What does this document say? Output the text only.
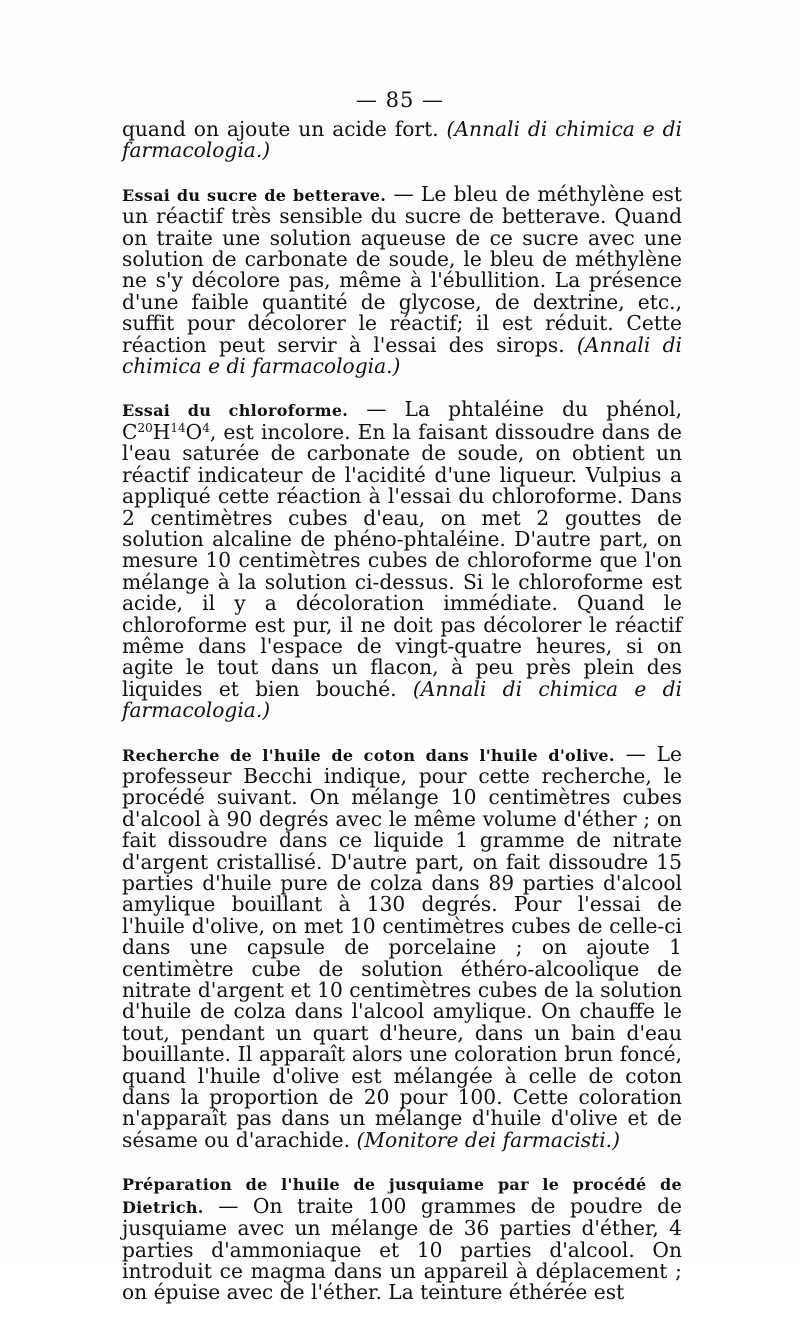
— 85 —

quand on ajoute un acide fort. (Annali di chimica e di farmacologia.)

Essai du sucre de betterave. — Le bleu de méthylène est un réactif très sensible du sucre de betterave. Quand on traite une solution aqueuse de ce sucre avec une solution de carbonate de soude, le bleu de méthylène ne s'y décolore pas, même à l'ébullition. La présence d'une faible quantité de glycose, de dextrine, etc., suffit pour décolorer le réactif; il est réduit. Cette réaction peut servir à l'essai des sirops. (Annali di chimica e di farmacologia.)

Essai du chloroforme. — La phtaléine du phénol, $C^{20}H^{14}O^4$, est incolore. En la faisant dissoudre dans de l'eau saturée de carbonate de soude, on obtient un réactif indicateur de l'acidité d'une liqueur. Vulpius a appliqué cette réaction à l'essai du chloroforme. Dans 2 centimètres cubes d'eau, on met 2 gouttes de solution alcaline de phéno-phtaléine. D'autre part, on mesure 10 centimètres cubes de chloroforme que l'on mélange à la solution ci-dessus. Si le chloroforme est acide, il y a décoloration immédiate. Quand le chloroforme est pur, il ne doit pas décolorer le réactif même dans l'espace de vingt-quatre heures, si on agite le tout dans un flacon, à peu près plein des liquides et bien bouché. (Annali di chimica e di farmacologia.)

Recherche de l'huile de coton dans l'huile d'olive. — Le professeur Becchi indique, pour cette recherche, le procédé suivant. On mélange 10 centimètres cubes d'alcool à 90 degrés avec le même volume d'éther ; on fait dissoudre dans ce liquide 1 gramme de nitrate d'argent cristallisé. D'autre part, on fait dissoudre 15 parties d'huile pure de colza dans 89 parties d'alcool amylique bouillant à 130 degrés. Pour l'essai de l'huile d'olive, on met 10 centimètres cubes de celle-ci dans une capsule de porcelaine ; on ajoute 1 centimètre cube de solution éthéro-alcoolique de nitrate d'argent et 10 centimètres cubes de la solution d'huile de colza dans l'alcool amylique. On chauffe le tout, pendant un quart d'heure, dans un bain d'eau bouillante. Il apparaît alors une coloration brun foncé, quand l'huile d'olive est mélangée à celle de coton dans la proportion de 20 pour 100. Cette coloration n'apparaît pas dans un mélange d'huile d'olive et de sésame ou d'arachide. (Monitore dei farmacisti.)

Préparation de l'huile de jusquiame par le procédé de Dietrich. — On traite 100 grammes de poudre de jusquiame avec un mélange de 36 parties d'éther, 4 parties d'ammoniaque et 10 parties d'alcool. On introduit ce magma dans un appareil à déplacement ; on épuise avec de l'éther. La teinture éthérée est
